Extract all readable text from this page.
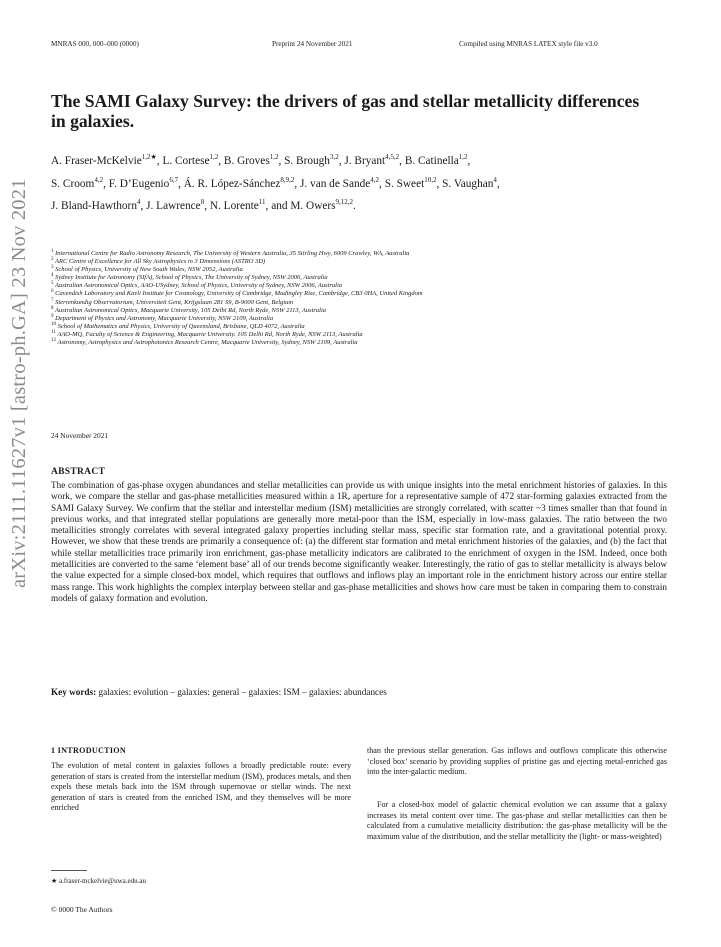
MNRAS 000, 000–000 (0000)	Preprint 24 November 2021	Compiled using MNRAS LATEX style file v3.0
arXiv:2111.11627v1 [astro-ph.GA] 23 Nov 2021
The SAMI Galaxy Survey: the drivers of gas and stellar metallicity differences in galaxies.
A. Fraser-McKelvie$^{1,2★}$, L. Cortese$^{1,2}$, B. Groves$^{1,2}$, S. Brough$^{3,2}$, J. Bryant$^{4,5,2}$, B. Catinella$^{1,2}$,
S. Croom$^{4,2}$, F. D’Eugenio$^{6,7}$, Á. R. López-Sánchez$^{8,9,2}$, J. van de Sande$^{4,2}$, S. Sweet$^{10,2}$, S. Vaughan$^4$,
J. Bland-Hawthorn$^4$, J. Lawrence$^8$, N. Lorente$^{11}$, and M. Owers$^{9,12,2}$.
$^1$ International Centre for Radio Astronomy Research, The University of Western Australia, 35 Stirling Hwy, 6009 Crawley, WA, Australia
$^2$ ARC Centre of Excellence for All Sky Astrophysics in 3 Dimensions (ASTRO 3D)
$^3$ School of Physics, University of New South Wales, NSW 2052, Australia
$^4$ Sydney Institute for Astronomy (SIfA), School of Physics, The University of Sydney, NSW 2006, Australia
$^5$ Australian Astronomical Optics, AAO-USydney, School of Physics, University of Sydney, NSW 2006, Australia
$^6$ Cavendish Laboratory and Kavli Institute for Cosmology, University of Cambridge, Madingley Rise, Cambridge, CB3 0HA, United Kingdom
$^7$ Sterrenkundig Observatorium, Universiteit Gent, Krijgslaan 281 S9, B-9000 Gent, Belgium
$^8$ Australian Astronomical Optics, Macquarie University, 105 Delhi Rd, North Ryde, NSW 2113, Australia
$^9$ Department of Physics and Astronomy, Macquarie University, NSW 2109, Australia
$^{10}$ School of Mathematics and Physics, University of Queensland, Brisbane, QLD 4072, Australia
$^{11}$ AAO-MQ, Faculty of Science & Engineering, Macquarie University. 105 Delhi Rd, North Ryde, NSW 2113, Australia
$^{12}$ Astronomy, Astrophysics and Astrophotonics Research Centre, Macquarie University, Sydney, NSW 2109, Australia
24 November 2021
ABSTRACT
The combination of gas-phase oxygen abundances and stellar metallicities can provide us with unique insights into the metal enrichment histories of galaxies. In this work, we compare the stellar and gas-phase metallicities measured within a 1Rₑ aperture for a representative sample of 472 star-forming galaxies extracted from the SAMI Galaxy Survey. We confirm that the stellar and interstellar medium (ISM) metallicities are strongly correlated, with scatter ~3 times smaller than that found in previous works, and that integrated stellar populations are generally more metal-poor than the ISM, especially in low-mass galaxies. The ratio between the two metallicities strongly correlates with several integrated galaxy properties including stellar mass, specific star formation rate, and a gravitational potential proxy. However, we show that these trends are primarily a consequence of: (a) the different star formation and metal enrichment histories of the galaxies, and (b) the fact that while stellar metallicities trace primarily iron enrichment, gas-phase metallicity indicators are calibrated to the enrichment of oxygen in the ISM. Indeed, once both metallicities are converted to the same ‘element base’ all of our trends become significantly weaker. Interestingly, the ratio of gas to stellar metallicity is always below the value expected for a simple closed-box model, which requires that outflows and inflows play an important role in the enrichment history across our entire stellar mass range. This work highlights the complex interplay between stellar and gas-phase metallicities and shows how care must be taken in comparing them to constrain models of galaxy formation and evolution.
Key words: galaxies: evolution – galaxies: general – galaxies: ISM – galaxies: abundances
1 INTRODUCTION
The evolution of metal content in galaxies follows a broadly predictable route: every generation of stars is created from the interstellar medium (ISM), produces metals, and then expels these metals back into the ISM through supernovae or stellar winds. The next generation of stars is created from the enriched ISM, and they themselves will be more enriched
than the previous stellar generation. Gas inflows and outflows complicate this otherwise ‘closed box’ scenario by providing supplies of pristine gas and ejecting metal-enriched gas into the inter-galactic medium.
For a closed-box model of galactic chemical evolution we can assume that a galaxy increases its metal content over time. The gas-phase and stellar metallicities can then be calculated from a cumulative metallicity distribution: the gas-phase metallicity will be the maximum value of the distribution, and the stellar metallicity the (light- or mass-weighted)
★ a.fraser-mckelvie@uwa.edu.au
© 0000 The Authors
